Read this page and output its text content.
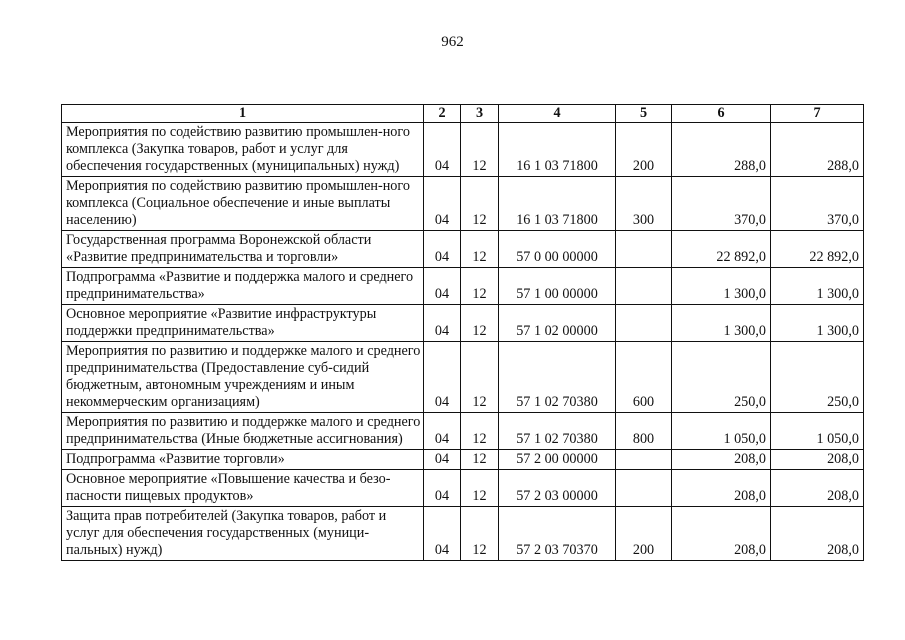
962
1	2	3	4	5	6	7
Мероприятия по содействию развитию промышлен-ного комплекса (Закупка товаров, работ и услуг для обеспечения государственных (муниципальных) нужд)	04	12	16 1 03 71800	200	288,0	288,0
Мероприятия по содействию развитию промышлен-ного комплекса (Социальное обеспечение и иные выплаты населению)	04	12	16 1 03 71800	300	370,0	370,0
Государственная программа Воронежской области «Развитие предпринимательства и торговли»	04	12	57 0 00 00000		22 892,0	22 892,0
Подпрограмма «Развитие и поддержка малого и среднего предпринимательства»	04	12	57 1 00 00000		1 300,0	1 300,0
Основное мероприятие «Развитие инфраструктуры поддержки предпринимательства»	04	12	57 1 02 00000		1 300,0	1 300,0
Мероприятия по развитию и поддержке малого и среднего предпринимательства (Предоставление суб-сидий бюджетным, автономным учреждениям и иным некоммерческим организациям)	04	12	57 1 02 70380	600	250,0	250,0
Мероприятия по развитию и поддержке малого и среднего предпринимательства (Иные бюджетные ассигнования)	04	12	57 1 02 70380	800	1 050,0	1 050,0
Подпрограмма «Развитие торговли»	04	12	57 2 00 00000		208,0	208,0
Основное мероприятие «Повышение качества и безо-пасности пищевых продуктов»	04	12	57 2 03 00000		208,0	208,0
Защита прав потребителей (Закупка товаров, работ и услуг для обеспечения государственных (муници-пальных) нужд)	04	12	57 2 03 70370	200	208,0	208,0
